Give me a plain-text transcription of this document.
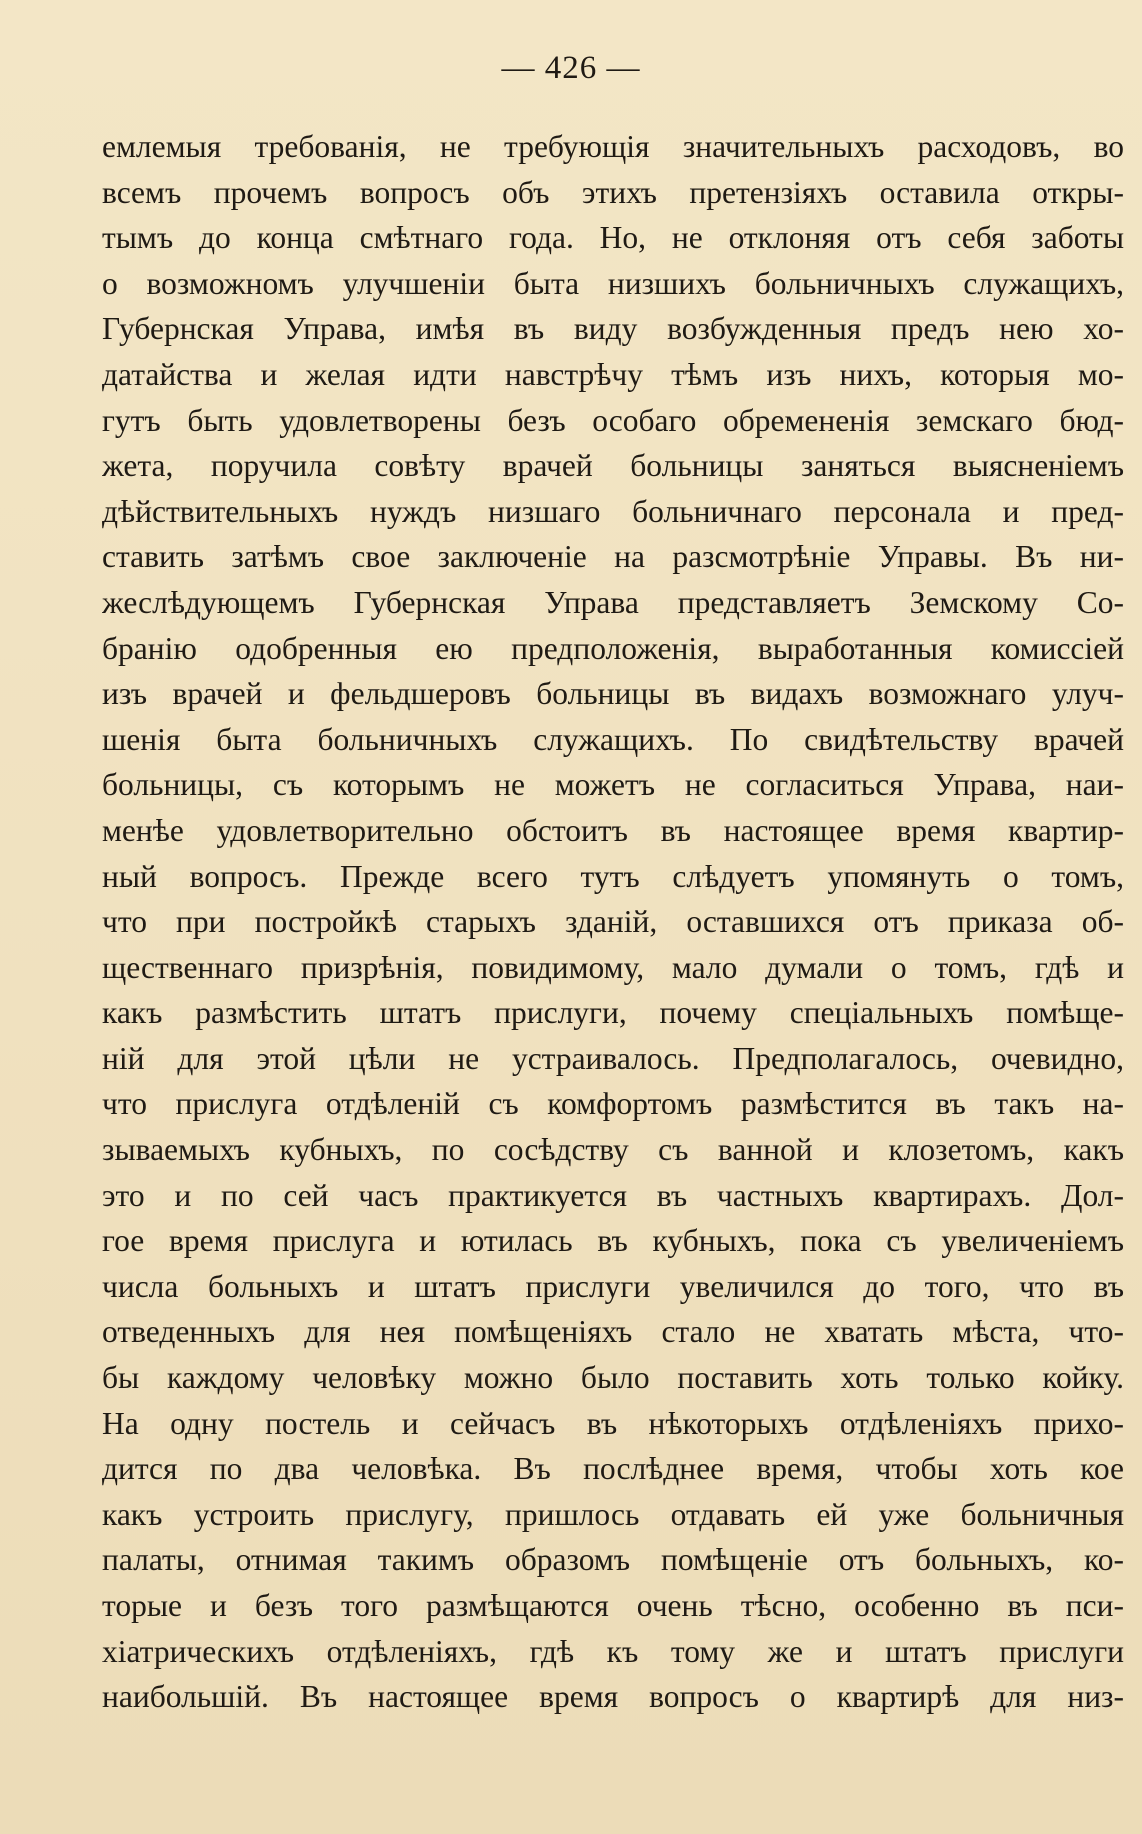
— 426 —
емлемыя требованія, не требующія значительныхъ расходовъ, во
всемъ прочемъ вопросъ объ этихъ претензіяхъ оставила откры-
тымъ до конца смѣтнаго года. Но, не отклоняя отъ себя заботы
о возможномъ улучшеніи быта низшихъ больничныхъ служащихъ,
Губернская Управа, имѣя въ виду возбужденныя предъ нею хо-
датайства и желая идти навстрѣчу тѣмъ изъ нихъ, которыя мо-
гутъ быть удовлетворены безъ особаго обремененія земскаго бюд-
жета, поручила совѣту врачей больницы заняться выясненіемъ
дѣйствительныхъ нуждъ низшаго больничнаго персонала и пред-
ставить затѣмъ свое заключеніе на разсмотрѣніе Управы. Въ ни-
жеслѣдующемъ Губернская Управа представляетъ Земскому Со-
бранію одобренныя ею предположенія, выработанныя комиссіей
изъ врачей и фельдшеровъ больницы въ видахъ возможнаго улуч-
шенія быта больничныхъ служащихъ. По свидѣтельству врачей
больницы, съ которымъ не можетъ не согласиться Управа, наи-
менѣе удовлетворительно обстоитъ въ настоящее время квартир-
ный вопросъ. Прежде всего тутъ слѣдуетъ упомянуть о томъ,
что при постройкѣ старыхъ зданій, оставшихся отъ приказа об-
щественнаго призрѣнія, повидимому, мало думали о томъ, гдѣ и
какъ размѣстить штатъ прислуги, почему спеціальныхъ помѣще-
ній для этой цѣли не устраивалось. Предполагалось, очевидно,
что прислуга отдѣленій съ комфортомъ размѣстится въ такъ на-
зываемыхъ кубныхъ, по сосѣдству съ ванной и клозетомъ, какъ
это и по сей часъ практикуется въ частныхъ квартирахъ. Дол-
гое время прислуга и ютилась въ кубныхъ, пока съ увеличеніемъ
числа больныхъ и штатъ прислуги увеличился до того, что въ
отведенныхъ для нея помѣщеніяхъ стало не хватать мѣста, что-
бы каждому человѣку можно было поставить хоть только койку.
На одну постель и сейчасъ въ нѣкоторыхъ отдѣленіяхъ прихо-
дится по два человѣка. Въ послѣднее время, чтобы хоть кое
какъ устроить прислугу, пришлось отдавать ей уже больничныя
палаты, отнимая такимъ образомъ помѣщеніе отъ больныхъ, ко-
торые и безъ того размѣщаются очень тѣсно, особенно въ пси-
хіатрическихъ отдѣленіяхъ, гдѣ къ тому же и штатъ прислуги
наибольшій. Въ настоящее время вопросъ о квартирѣ для низ-
